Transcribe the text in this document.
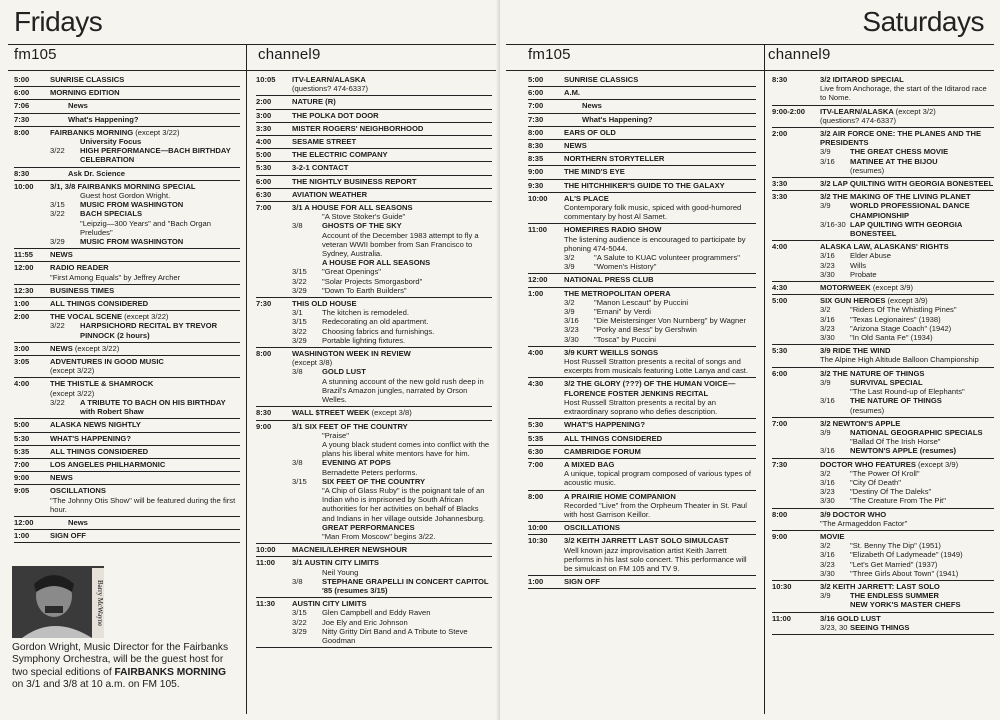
Fridays
fm105	channel9
5:00	SUNRISE CLASSICS
6:00	MORNING EDITION
7:06	News
7:30	What's Happening?
8:00	FAIRBANKS MORNING (except 3/22)
University Focus
3/22	HIGH PERFORMANCE—BACH BIRTHDAY CELEBRATION
8:30	Ask Dr. Science
10:00	3/1, 3/8 FAIRBANKS MORNING SPECIAL
Guest host Gordon Wright.
3/15	MUSIC FROM WASHINGTON
3/22	BACH SPECIALS
"Leipzig—300 Years" and "Bach Organ Preludes"
3/29	MUSIC FROM WASHINGTON
11:55	NEWS
12:00	RADIO READER
"First Among Equals" by Jeffrey Archer
12:30	BUSINESS TIMES
1:00	ALL THINGS CONSIDERED
2:00	THE VOCAL SCENE (except 3/22)
3/22	HARPSICHORD RECITAL BY TREVOR PINNOCK (2 hours)
3:00	NEWS (except 3/22)
3:05	ADVENTURES IN GOOD MUSIC
(except 3/22)
4:00	THE THISTLE & SHAMROCK
(except 3/22)
3/22	A TRIBUTE TO BACH ON HIS BIRTHDAY with Robert Shaw
5:00	ALASKA NEWS NIGHTLY
5:30	WHAT'S HAPPENING?
5:35	ALL THINGS CONSIDERED
7:00	LOS ANGELES PHILHARMONIC
9:00	NEWS
9:05	OSCILLATIONS
"The Johnny Otis Show" will be featured during the first hour.
12:00	News
1:00	SIGN OFF
10:05	ITV-LEARN/ALASKA
(questions? 474-6337)
2:00	NATURE (R)
3:00	THE POLKA DOT DOOR
3:30	MISTER ROGERS' NEIGHBORHOOD
4:00	SESAME STREET
5:00	THE ELECTRIC COMPANY
5:30	3-2-1 CONTACT
6:00	THE NIGHTLY BUSINESS REPORT
6:30	AVIATION WEATHER
7:00	3/1 A HOUSE FOR ALL SEASONS
"A Stove Stoker's Guide"
3/8	GHOSTS OF THE SKY
Account of the December 1983 attempt to fly a veteran WWII bomber from San Francisco to Sydney, Australia.
A HOUSE FOR ALL SEASONS
3/15	"Great Openings"
3/22	"Solar Projects Smorgasbord"
3/29	"Down To Earth Builders"
7:30	THIS OLD HOUSE
3/1	The kitchen is remodeled.
3/15	Redecorating an old apartment.
3/22	Choosing fabrics and furnishings.
3/29	Portable lighting fixtures.
8:00	WASHINGTON WEEK IN REVIEW
(except 3/8)
3/8	GOLD LUST
A stunning account of the new gold rush deep in Brazil's Amazon jungles, narrated by Orson Welles.
8:30	WALL $TREET WEEK (except 3/8)
9:00	3/1 SIX FEET OF THE COUNTRY
"Praise"
A young black student comes into conflict with the plans his liberal white mentors have for him.
3/8	EVENING AT POPS
Bernadette Peters performs.
3/15	SIX FEET OF THE COUNTRY
"A Chip of Glass Ruby" is the poignant tale of an Indian who is imprisoned by South African authorities for her activities on behalf of Blacks and Indians in her village outside Johannesburg.
GREAT PERFORMANCES
"Man From Moscow" begins 3/22.
10:00	MACNEIL/LEHRER NEWSHOUR
11:00	3/1 AUSTIN CITY LIMITS
Neil Young
3/8	STEPHANE GRAPELLI IN CONCERT CAPITOL '85 (resumes 3/15)
11:30	AUSTIN CITY LIMITS
3/15	Glen Campbell and Eddy Raven
3/22	Joe Ely and Eric Johnson
3/29	Nitty Gritty Dirt Band and A Tribute to Steve Goodman
Barry McWayne
Gordon Wright, Music Director for the Fairbanks Symphony Orchestra, will be the guest host for two special editions of FAIRBANKS MORNING on 3/1 and 3/8 at 10 a.m. on FM 105.
Saturdays
fm105	channel9
5:00	SUNRISE CLASSICS
6:00	A.M.
7:00	News
7:30	What's Happening?
8:00	EARS OF OLD
8:30	NEWS
8:35	NORTHERN STORYTELLER
9:00	THE MIND'S EYE
9:30	THE HITCHHIKER'S GUIDE TO THE GALAXY
10:00	AL'S PLACE
Contemporary folk music, spiced with good-humored commentary by host Al Samet.
11:00	HOMEFIRES RADIO SHOW
The listening audience is encouraged to participate by phoning 474-5044.
3/2	"A Salute to KUAC volunteer programmers"
3/9	"Women's History"
12:00	NATIONAL PRESS CLUB
1:00	THE METROPOLITAN OPERA
3/2	"Manon Lescaut" by Puccini
3/9	"Ernani" by Verdi
3/16	"Die Meistersinger Von Nurnberg" by Wagner
3/23	"Porky and Bess" by Gershwin
3/30	"Tosca" by Puccini
4:00	3/9 KURT WEILLS SONGS
Host Russell Stratton presents a recital of songs and excerpts from musicals featuring Lotte Lanya and cast.
4:30	3/2 THE GLORY (???) OF THE HUMAN VOICE—FLORENCE FOSTER JENKINS RECITAL
Host Russell Stratton presents a recital by an extraordinary soprano who defies description.
5:30	WHAT'S HAPPENING?
5:35	ALL THINGS CONSIDERED
6:30	CAMBRIDGE FORUM
7:00	A MIXED BAG
A unique, topical program composed of various types of acoustic music.
8:00	A PRAIRIE HOME COMPANION
Recorded "Live" from the Orpheum Theater in St. Paul with host Garrison Keillor.
10:00	OSCILLATIONS
10:30	3/2 KEITH JARRETT LAST SOLO SIMULCAST
Well known jazz improvisation artist Keith Jarrett performs in his last solo concert. This performance will be simulcast on FM 105 and TV 9.
1:00	SIGN OFF
8:30	3/2 IDITAROD SPECIAL
Live from Anchorage, the start of the Iditarod race to Nome.
9:00-2:00	ITV-LEARN/ALASKA (except 3/2)
(questions? 474-6337)
2:00	3/2 AIR FORCE ONE: THE PLANES AND THE PRESIDENTS
3/9	THE GREAT CHESS MOVIE
3/16	MATINEE AT THE BIJOU
(resumes)
3:30	3/2 LAP QUILTING WITH GEORGIA BONESTEEL
3:30	3/2 THE MAKING OF THE LIVING PLANET
3/9	WORLD PROFESSIONAL DANCE CHAMPIONSHIP
3/16-30 LAP QUILTING WITH GEORGIA BONESTEEL
4:00	ALASKA LAW, ALASKANS' RIGHTS
3/16	Elder Abuse
3/23	Wills
3/30	Probate
4:30	MOTORWEEK (except 3/9)
5:00	SIX GUN HEROES (except 3/9)
3/2	"Riders Of The Whistling Pines"
3/16	"Texas Legionaires" (1938)
3/23	"Arizona Stage Coach" (1942)
3/30	"In Old Santa Fe" (1934)
5:30	3/9 RIDE THE WIND
The Alpine High Altitude Balloon Championship
6:00	3/2 THE NATURE OF THINGS
3/9	SURVIVAL SPECIAL
"The Last Round-up of Elephants"
3/16	THE NATURE OF THINGS
(resumes)
7:00	3/2 NEWTON'S APPLE
3/9	NATIONAL GEOGRAPHIC SPECIALS
"Ballad Of The Irish Horse"
3/16	NEWTON'S APPLE (resumes)
7:30	DOCTOR WHO FEATURES (except 3/9)
3/2	"The Power Of Kroll"
3/16	"City Of Death"
3/23	"Destiny Of The Daleks"
3/30	"The Creature From The Pit"
8:00	3/9 DOCTOR WHO
"The Armageddon Factor"
9:00	MOVIE
3/2	"St. Benny The Dip" (1951)
3/16	"Elizabeth Of Ladymeade" (1949)
3/23	"Let's Get Married" (1937)
3/30	"Three Girls About Town" (1941)
10:30	3/2 KEITH JARRETT: LAST SOLO
3/9	THE ENDLESS SUMMER
NEW YORK'S MASTER CHEFS
11:00	3/16 GOLD LUST
3/23, 30 SEEING THINGS
